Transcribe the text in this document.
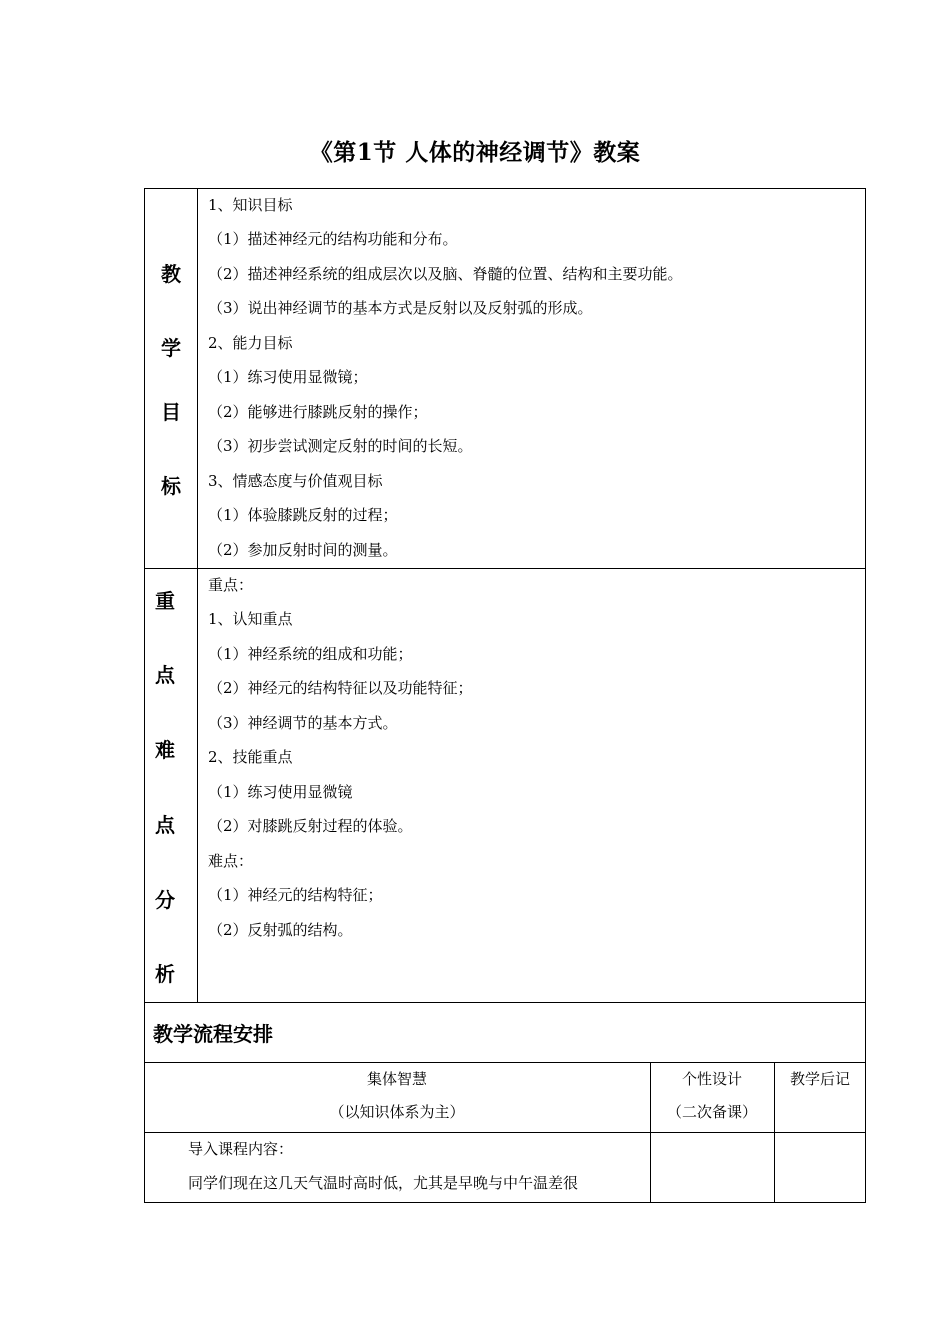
《第1节 人体的神经调节》教案
教
学
目
标
1、知识目标
（1）描述神经元的结构功能和分布。
（2）描述神经系统的组成层次以及脑、脊髓的位置、结构和主要功能。
（3）说出神经调节的基本方式是反射以及反射弧的形成。
2、能力目标
（1）练习使用显微镜；
（2）能够进行膝跳反射的操作；
（3）初步尝试测定反射的时间的长短。
3、情感态度与价值观目标
（1）体验膝跳反射的过程；
（2）参加反射时间的测量。
重
点
难
点
分
析
重点：
1、认知重点
（1）神经系统的组成和功能；
（2）神经元的结构特征以及功能特征；
（3）神经调节的基本方式。
2、技能重点
（1）练习使用显微镜
（2）对膝跳反射过程的体验。
难点：
（1）神经元的结构特征；
（2）反射弧的结构。
教学流程安排
集体智慧
（以知识体系为主）
个性设计
（二次备课）
教学后记
导入课程内容：
同学们现在这几天气温时高时低，尤其是早晚与中午温差很
